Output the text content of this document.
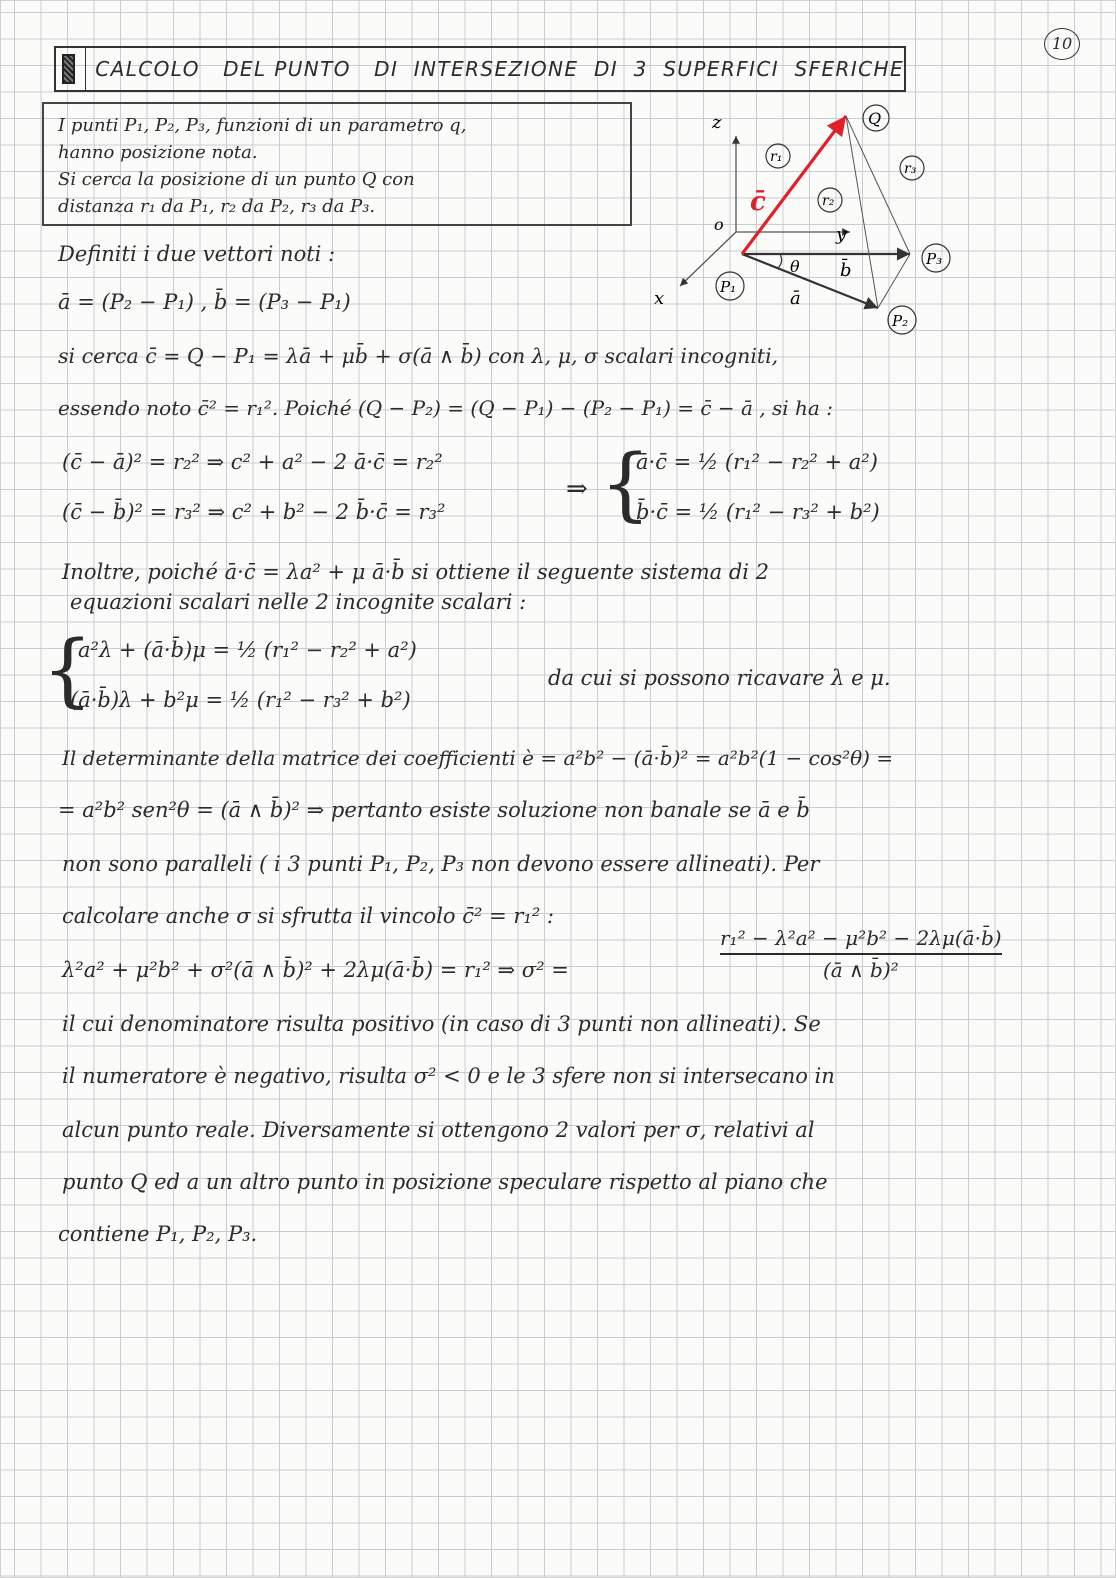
10
CALCOLO   DEL PUNTO   DI  INTERSEZIONE  DI  3  SUPERFICI  SFERICHE
I punti P₁, P₂, P₃, funzioni di un parametro q,
hanno posizione nota.
Si cerca la posizione di un punto Q con
distanza r₁ da P₁, r₂ da P₂, r₃ da P₃.
z
y
x
o
θ b̄
ā
c̄
Q
r₁
r₂
r₃
P₁
P₂
P₃
Definiti i due vettori noti :
ā = (P₂ − P₁) , b̄ = (P₃ − P₁)
si cerca c̄ = Q − P₁ = λā + μb̄ + σ(ā ∧ b̄) con λ, μ, σ scalari incogniti,
essendo noto c̄² = r₁². Poiché (Q − P₂) = (Q − P₁) − (P₂ − P₁) = c̄ − ā , si ha :
(c̄ − ā)² = r₂² ⇒ c² + a² − 2 ā·c̄ = r₂²
(c̄ − b̄)² = r₃² ⇒ c² + b² − 2 b̄·c̄ = r₃²
⇒ {
ā·c̄ = ½ (r₁² − r₂² + a²)
b̄·c̄ = ½ (r₁² − r₃² + b²)
Inoltre, poiché ā·c̄ = λa² + μ ā·b̄ si ottiene il seguente sistema di 2
equazioni scalari nelle 2 incognite scalari :
{
a²λ + (ā·b̄)μ = ½ (r₁² − r₂² + a²)
(ā·b̄)λ + b²μ = ½ (r₁² − r₃² + b²)
da cui si possono ricavare λ e μ.
Il determinante della matrice dei coefficienti è = a²b² − (ā·b̄)² = a²b²(1 − cos²θ) =
= a²b² sen²θ = (ā ∧ b̄)² ⇒ pertanto esiste soluzione non banale se ā e b̄
non sono paralleli ( i 3 punti P₁, P₂, P₃ non devono essere allineati). Per
calcolare anche σ si sfrutta il vincolo c̄² = r₁² :
λ²a² + μ²b² + σ²(ā ∧ b̄)² + 2λμ(ā·b̄) = r₁² ⇒ σ² =
r₁² − λ²a² − μ²b² − 2λμ(ā·b̄)
(ā ∧ b̄)²
il cui denominatore risulta positivo (in caso di 3 punti non allineati). Se
il numeratore è negativo, risulta σ² < 0 e le 3 sfere non si intersecano in
alcun punto reale. Diversamente si ottengono 2 valori per σ, relativi al
punto Q ed a un altro punto in posizione speculare rispetto al piano che
contiene P₁, P₂, P₃.
